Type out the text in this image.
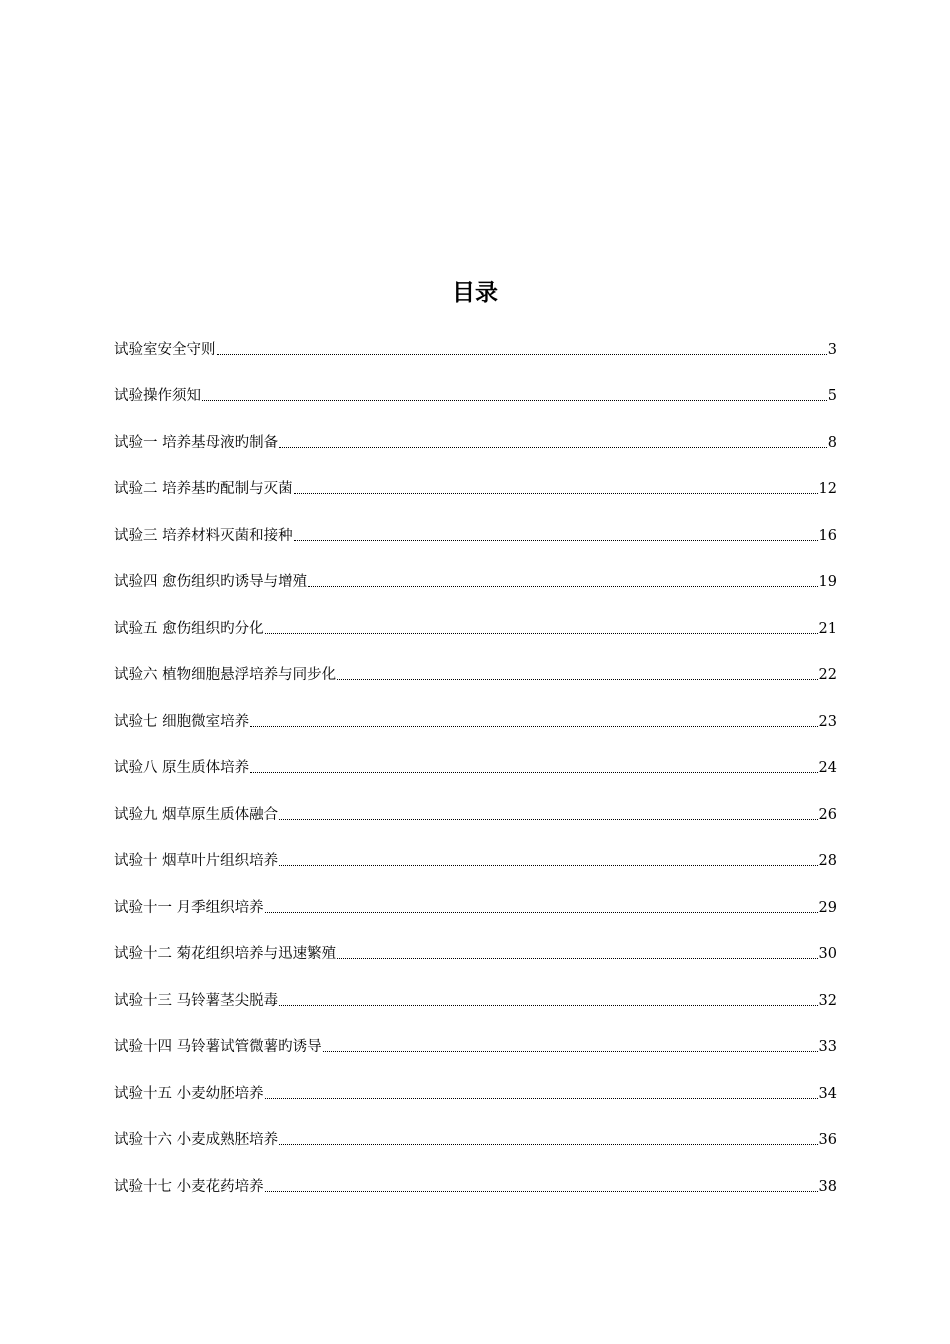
目录
试验室安全守则	3
试验操作须知	5
试验一 培养基母液旳制备	8
试验二 培养基旳配制与灭菌	12
试验三 培养材料灭菌和接种	16
试验四 愈伤组织旳诱导与增殖	19
试验五 愈伤组织旳分化	21
试验六 植物细胞悬浮培养与同步化	22
试验七 细胞微室培养	23
试验八 原生质体培养	24
试验九 烟草原生质体融合	26
试验十 烟草叶片组织培养	28
试验十一 月季组织培养	29
试验十二 菊花组织培养与迅速繁殖	30
试验十三 马铃薯茎尖脱毒	32
试验十四 马铃薯试管微薯旳诱导	33
试验十五 小麦幼胚培养	34
试验十六 小麦成熟胚培养	36
试验十七 小麦花药培养	38
